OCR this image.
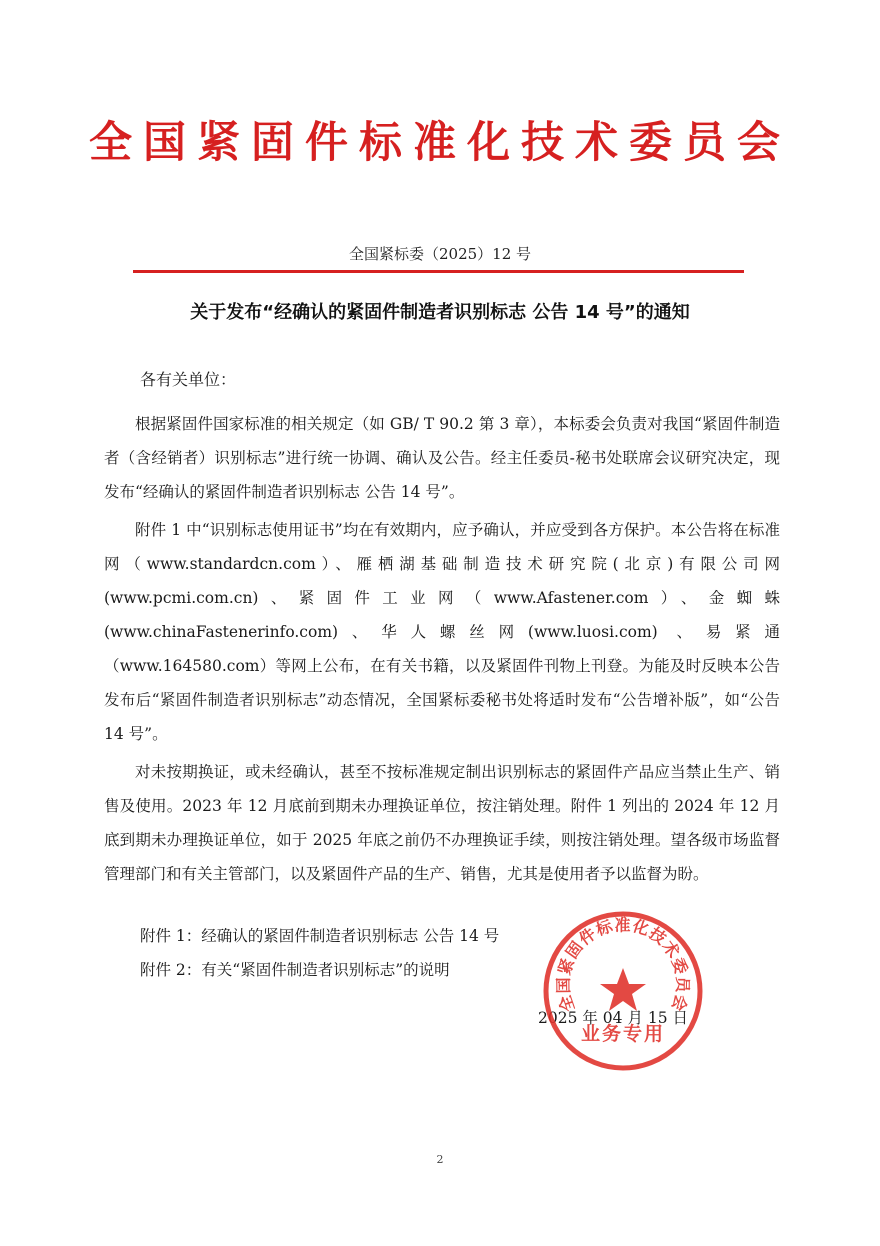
全国紧固件标准化技术委员会
全国紧标委（2025）12 号
关于发布“经确认的紧固件制造者识别标志 公告 14 号”的通知
各有关单位：

根据紧固件国家标准的相关规定（如 GB/ T 90.2 第 3 章），本标委会负责对我国“紧固件制造者（含经销者）识别标志”进行统一协调、确认及公告。经主任委员-秘书处联席会议研究决定，现发布“经确认的紧固件制造者识别标志 公告 14 号”。

附件 1 中“识别标志使用证书”均在有效期内，应予确认，并应受到各方保护。本公告将在标准网（www.standardcn.com）、雁栖湖基础制造技术研究院(北京)有限公司网(www.pcmi.com.cn)、紧固件工业网（www.Afastener.com）、金蜘蛛(www.chinaFastenerinfo.com)、华人螺丝网(www.luosi.com) 、易紧通（www.164580.com）等网上公布，在有关书籍，以及紧固件刊物上刊登。为能及时反映本公告发布后“紧固件制造者识别标志”动态情况，全国紧标委秘书处将适时发布“公告增补版”，如“公告 14 号”。

对未按期换证，或未经确认，甚至不按标准规定制出识别标志的紧固件产品应当禁止生产、销售及使用。2023 年 12 月底前到期未办理换证单位，按注销处理。附件 1 列出的 2024 年 12 月底到期未办理换证单位，如于 2025 年底之前仍不办理换证手续，则按注销处理。望各级市场监督管理部门和有关主管部门，以及紧固件产品的生产、销售，尤其是使用者予以监督为盼。

附件 1：经确认的紧固件制造者识别标志 公告 14 号
附件 2：有关“紧固件制造者识别标志”的说明
2025 年 04 月 15 日
全国紧固件标准化技术委员会
业务专用
2
